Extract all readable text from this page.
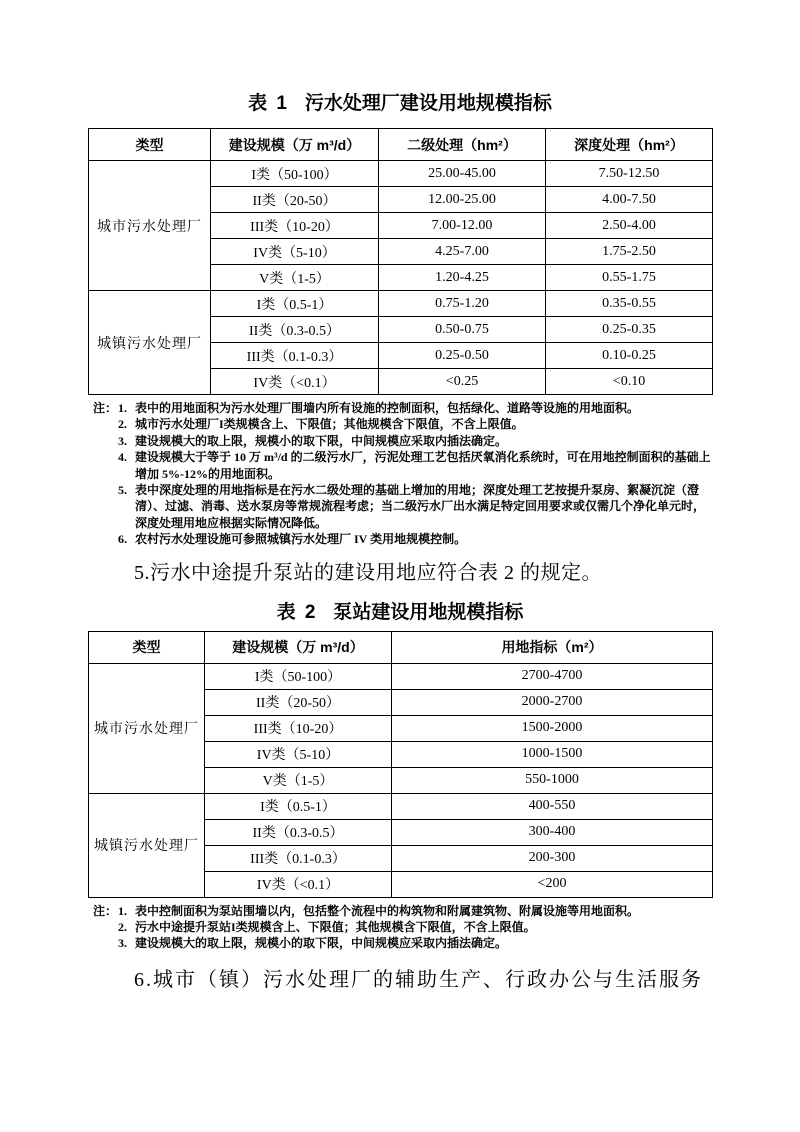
表 1 污水处理厂建设用地规模指标
类型	建设规模（万 m³/d）	二级处理（hm²）	深度处理（hm²）
城市污水处理厂	I类（50-100）	25.00-45.00	7.50-12.50
	II类（20-50）	12.00-25.00	4.00-7.50
	III类（10-20）	7.00-12.00	2.50-4.00
	IV类（5-10）	4.25-7.00	1.75-2.50
	V类（1-5）	1.20-4.25	0.55-1.75
城镇污水处理厂	I类（0.5-1）	0.75-1.20	0.35-0.55
	II类（0.3-0.5）	0.50-0.75	0.25-0.35
	III类（0.1-0.3）	0.25-0.50	0.10-0.25
	IV类（<0.1）	<0.25	<0.10
注： 1. 表中的用地面积为污水处理厂围墙内所有设施的控制面积，包括绿化、道路等设施的用地面积。
2. 城市污水处理厂I类规模含上、下限值；其他规模含下限值，不含上限值。
3. 建设规模大的取上限，规模小的取下限，中间规模应采取内插法确定。
4. 建设规模大于等于 10 万 m³/d 的二级污水厂，污泥处理工艺包括厌氧消化系统时，可在用地控制面积的基础上增加 5%-12%的用地面积。
5. 表中深度处理的用地指标是在污水二级处理的基础上增加的用地；深度处理工艺按提升泵房、絮凝沉淀（澄清）、过滤、消毒、送水泵房等常规流程考虑；当二级污水厂出水满足特定回用要求或仅需几个净化单元时，深度处理用地应根据实际情况降低。
6. 农村污水处理设施可参照城镇污水处理厂 IV 类用地规模控制。
5.污水中途提升泵站的建设用地应符合表 2 的规定。
表 2 泵站建设用地规模指标
类型	建设规模（万 m³/d）	用地指标（m²）
城市污水处理厂	I类（50-100）	2700-4700
	II类（20-50）	2000-2700
	III类（10-20）	1500-2000
	IV类（5-10）	1000-1500
	V类（1-5）	550-1000
城镇污水处理厂	I类（0.5-1）	400-550
	II类（0.3-0.5）	300-400
	III类（0.1-0.3）	200-300
	IV类（<0.1）	<200
注： 1. 表中控制面积为泵站围墙以内，包括整个流程中的构筑物和附属建筑物、附属设施等用地面积。
2. 污水中途提升泵站I类规模含上、下限值；其他规模含下限值，不含上限值。
3. 建设规模大的取上限，规模小的取下限，中间规模应采取内插法确定。
6.城市（镇）污水处理厂的辅助生产、行政办公与生活服务
